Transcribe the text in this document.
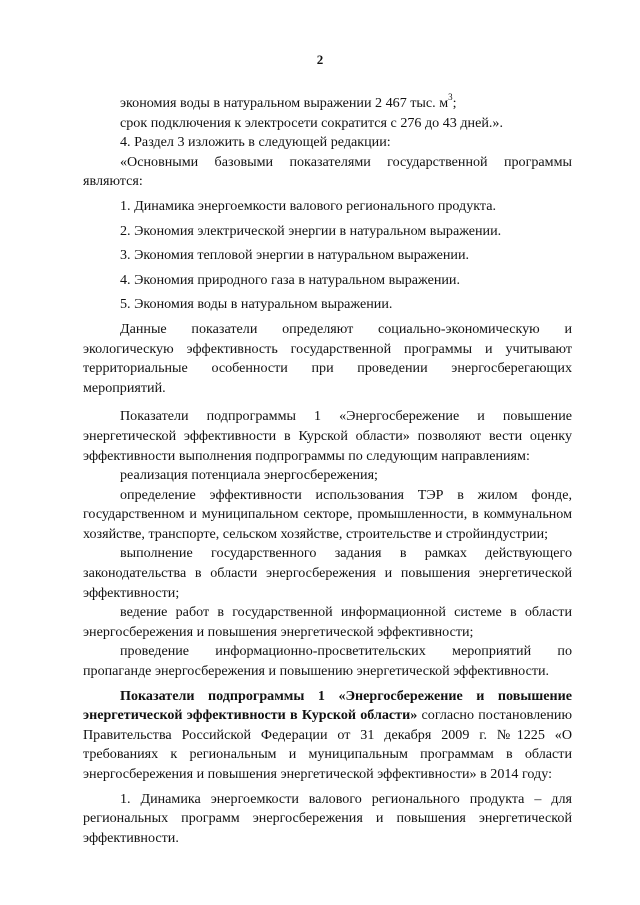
2

экономия воды в натуральном выражении 2 467 тыс. $м^3$;

срок подключения к электросети сократится с 276 до 43 дней.».

4. Раздел 3 изложить в следующей редакции:

«Основными базовыми показателями государственной программы являются:

1. Динамика энергоемкости валового регионального продукта.

2. Экономия электрической энергии в натуральном выражении.

3. Экономия тепловой энергии в натуральном выражении.

4. Экономия природного газа в натуральном выражении.

5. Экономия воды в натуральном выражении.

Данные показатели определяют социально-экономическую и экологическую эффективность государственной программы и учитывают территориальные особенности при проведении энергосберегающих мероприятий.

Показатели подпрограммы 1 «Энергосбережение и повышение энергетической эффективности в Курской области» позволяют вести оценку эффективности выполнения подпрограммы по следующим направлениям:

реализация потенциала энергосбережения;

определение эффективности использования ТЭР в жилом фонде, государственном и муниципальном секторе, промышленности, в коммунальном хозяйстве, транспорте, сельском хозяйстве, строительстве и стройиндустрии;

выполнение государственного задания в рамках действующего законодательства в области энергосбережения и повышения энергетической эффективности;

ведение работ в государственной информационной системе в области энергосбережения и повышения энергетической эффективности;

проведение информационно-просветительских мероприятий по пропаганде энергосбережения и повышению энергетической эффективности.

Показатели подпрограммы 1 «Энергосбережение и повышение энергетической эффективности в Курской области» согласно постановлению Правительства Российской Федерации от 31 декабря 2009 г. №1225 «О требованиях к региональным и муниципальным программам в области энергосбережения и повышения энергетической эффективности» в 2014 году:

1. Динамика энергоемкости валового регионального продукта – для региональных программ энергосбережения и повышения энергетической эффективности.
